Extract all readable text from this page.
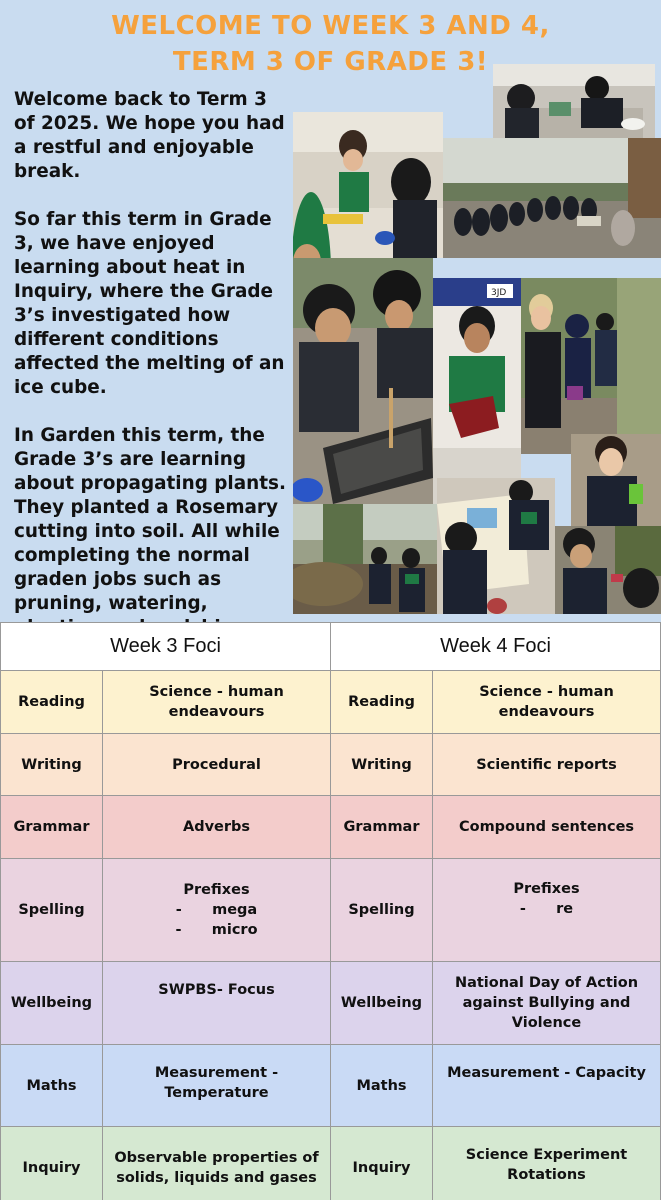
WELCOME TO WEEK 3 AND 4,
TERM 3 OF GRADE 3!

Welcome back to Term 3 of 2025. We hope you had a restful and enjoyable break.

So far this term in Grade 3, we have enjoyed learning about heat in Inquiry, where the Grade 3’s investigated how different conditions affected the melting of an ice cube.

In Garden this term, the Grade 3’s are learning about propagating plants. They planted a Rosemary cutting into soil. All while completing the normal graden jobs such as pruning, watering,

3JD
Week 3 Foci		Week 4 Foci	
Reading	Science - human endeavours	Reading	Science - human endeavours
Writing	Procedural	Writing	Scientific reports
Grammar	Adverbs	Grammar	Compound sentences
Spelling	Prefixes
-      mega
-      micro	Spelling	Prefixes
-      re

Wellbeing	SWPBS- Focus	Wellbeing	National Day of Action against Bullying and Violence
Maths	Measurement - Temperature	Maths	Measurement - Capacity
Inquiry	Observable properties of solids, liquids and gases	Inquiry	Science Experiment Rotations
